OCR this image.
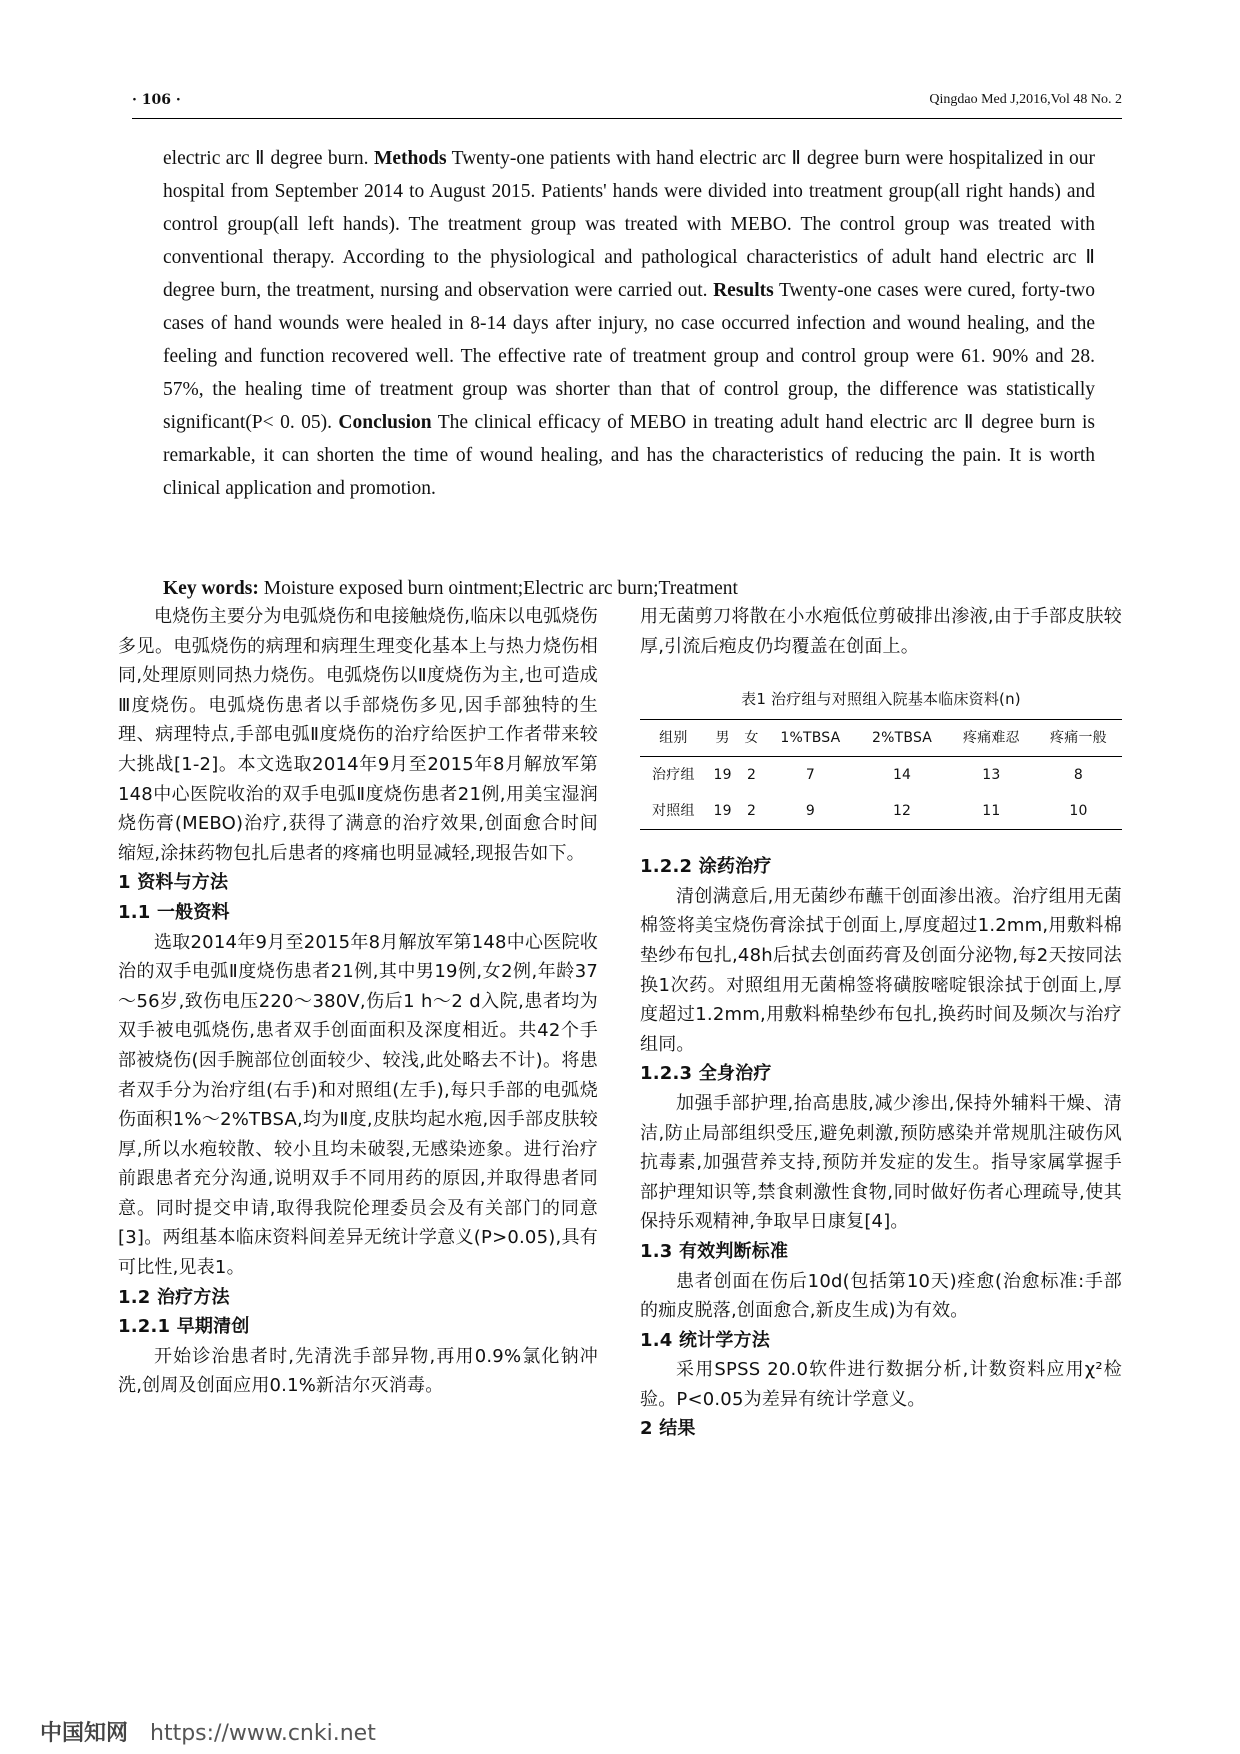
· 106 ·	Qingdao Med J,2016,Vol 48 No. 2

electric arc Ⅱ degree burn. Methods Twenty-one patients with hand electric arc Ⅱ degree burn were hospitalized in our hospital from September 2014 to August 2015. Patients' hands were divided into treatment group(all right hands) and control group(all left hands). The treatment group was treated with MEBO. The control group was treated with conventional therapy. According to the physiological and pathological characteristics of adult hand electric arc Ⅱ degree burn, the treatment, nursing and observation were carried out. Results Twenty-one cases were cured, forty-two cases of hand wounds were healed in 8-14 days after injury, no case occurred infection and wound healing, and the feeling and function recovered well. The effective rate of treatment group and control group were 61. 90% and 28. 57%, the healing time of treatment group was shorter than that of control group, the difference was statistically significant(P< 0. 05). Conclusion The clinical efficacy of MEBO in treating adult hand electric arc Ⅱ degree burn is remarkable, it can shorten the time of wound healing, and has the characteristics of reducing the pain. It is worth clinical application and promotion.

Key words: Moisture exposed burn ointment;Electric arc burn;Treatment

电烧伤主要分为电弧烧伤和电接触烧伤,临床以电弧烧伤多见。电弧烧伤的病理和病理生理变化基本上与热力烧伤相同,处理原则同热力烧伤。电弧烧伤以Ⅱ度烧伤为主,也可造成Ⅲ度烧伤。电弧烧伤患者以手部烧伤多见,因手部独特的生理、病理特点,手部电弧Ⅱ度烧伤的治疗给医护工作者带来较大挑战[1-2]。本文选取2014年9月至2015年8月解放军第148中心医院收治的双手电弧Ⅱ度烧伤患者21例,用美宝湿润烧伤膏(MEBO)治疗,获得了满意的治疗效果,创面愈合时间缩短,涂抹药物包扎后患者的疼痛也明显减轻,现报告如下。

1 资料与方法

1.1 一般资料

选取2014年9月至2015年8月解放军第148中心医院收治的双手电弧Ⅱ度烧伤患者21例,其中男19例,女2例,年龄37～56岁,致伤电压220～380V,伤后1 h～2 d入院,患者均为双手被电弧烧伤,患者双手创面面积及深度相近。共42个手部被烧伤(因手腕部位创面较少、较浅,此处略去不计)。将患者双手分为治疗组(右手)和对照组(左手),每只手部的电弧烧伤面积1%～2%TBSA,均为Ⅱ度,皮肤均起水疱,因手部皮肤较厚,所以水疱较散、较小且均未破裂,无感染迹象。进行治疗前跟患者充分沟通,说明双手不同用药的原因,并取得患者同意。同时提交申请,取得我院伦理委员会及有关部门的同意[3]。两组基本临床资料间差异无统计学意义(P>0.05),具有可比性,见表1。

1.2 治疗方法

1.2.1 早期清创

开始诊治患者时,先清洗手部异物,再用0.9%氯化钠冲洗,创周及创面应用0.1%新洁尔灭消毒。

用无菌剪刀将散在小水疱低位剪破排出渗液,由于手部皮肤较厚,引流后疱皮仍均覆盖在创面上。

表1 治疗组与对照组入院基本临床资料(n)
组别	男	女	1%TBSA	2%TBSA	疼痛难忍	疼痛一般
治疗组	19	2	7	14	13	8
对照组	19	2	9	12	11	10

1.2.2 涂药治疗

清创满意后,用无菌纱布蘸干创面渗出液。治疗组用无菌棉签将美宝烧伤膏涂拭于创面上,厚度超过1.2mm,用敷料棉垫纱布包扎,48h后拭去创面药膏及创面分泌物,每2天按同法换1次药。对照组用无菌棉签将磺胺嘧啶银涂拭于创面上,厚度超过1.2mm,用敷料棉垫纱布包扎,换药时间及频次与治疗组同。

1.2.3 全身治疗

加强手部护理,抬高患肢,减少渗出,保持外辅料干燥、清洁,防止局部组织受压,避免刺激,预防感染并常规肌注破伤风抗毒素,加强营养支持,预防并发症的发生。指导家属掌握手部护理知识等,禁食刺激性食物,同时做好伤者心理疏导,使其保持乐观精神,争取早日康复[4]。

1.3 有效判断标准

患者创面在伤后10d(包括第10天)痊愈(治愈标准:手部的痂皮脱落,创面愈合,新皮生成)为有效。

1.4 统计学方法

采用SPSS 20.0软件进行数据分析,计数资料应用χ²检验。P<0.05为差异有统计学意义。

2 结果

中国知网 https://www.cnki.net
